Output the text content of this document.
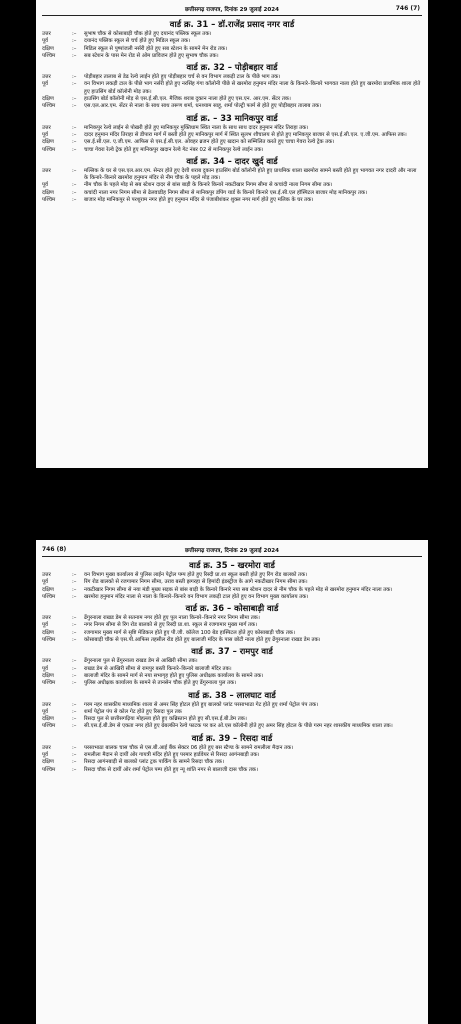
छत्तीसगढ़ राजपत्र, दिनांक 29 जुलाई 2024	746 (7)
वार्ड क्र. 31 – डॉ.राजेंद्र प्रसाद नगर वार्ड
उत्तर	:–	सुभाष चौक से कोसाबाड़ी चौक होते हुए दयानंद पब्लिक स्कूल तक।
पूर्व	:–	दयानंद पब्लिक स्कूल से चर्च होते हुए मिडिल स्कूल तक।
दक्षिण	:–	मिडिल स्कूल से पुष्पांजली नर्सरी होते हुए सब स्टेशन के सामने मेन रोड तक।
पश्चिम	:–	सब स्टेशन के पास मेन रोड से ओम प्राविजन होते हुए सुभाष चौक तक।
वार्ड क्र. 32 – पोड़ीबहार वार्ड
उत्तर	:–	पोड़ीबहार तालाब से डेढ रेल्वे लाईन होते हुए पोड़ीबहार चर्च से वन विभाग लकड़ी टाल के पीछे भाग तक।
पूर्व	:–	वन विभाग लकड़ी टाल के पीछे भाग नर्सरी होते हुए नरसिंह गंगा कॉलोनी पीछे से खरमोरा हनुमान मंदिर नाला के किनारे–किनारे भागवत नाला होते हुए खरमोरा प्राथमिक शाला होते हुए हाउसिंग बोर्ड कॉलोनी मोड़ तक।
दक्षिण	:–	हाउसिंग बोर्ड कॉलोनी मोड़ से एस.ई.सी.एल. मैजिक शराब दुकान नाला होते हुए एस.एन. आर.एम. सेंटर तक।
पश्चिम	:–	एस.एल.आर.एम. सेंटर से नाला के साथ साथ तरूण शर्मा, धनश्याम साहू, शर्मा पोल्ट्री फार्म से होते हुए पोड़ीबहार तालाब तक।
वार्ड क्र. – 33 मानिकपुर वार्ड
उत्तर	:–	मानिकपुर रेल्वे लाईन से पोखरी होते हुए मानिकपुर मुक्तिधाम स्थित नाला के साथ साथ दादर हनुमान मंदिर तिराहा तक।
पूर्व	:–	दादर हनुमान मंदिर तिराहा से डीपारा मार्ग में बस्ती होते हुए मानिकपुर मार्ग में स्थित सुलभ शौचालय से होते हुए मानिकपुर बाजार से एस.ई.सी.एल. ए.जी.एम. आफिस तक।
दक्षिण	:–	एस.ई.सी.एल. ए.जी.एम. आफिस से एस.ई.सी.एल. ओवहर ब्रजन होते हुए खदान को सम्मिलित करते हुए चाचा गेवरा रेल्वे ट्रेक तक।
पश्चिम	:–	चाचा गेवरा रेल्वे ट्रेक होते हुए मानिकपुर खदान रेल्वे गेट नंबर 02 से मानिकपुर रेल्वे लाईन तक।
वार्ड क्र. 34 – दादर खुर्द वार्ड
उत्तर	:–	मल्लिक के घर से एस.एल.आर.एम. सेन्टर होते हुए देशी शराब दुकान हाउसिंग बोर्ड कॉलोनी होते हुए प्राथमिक शाला खरमोरा सामने बस्ती होते हुए भागवत नगर दादरी और नाला के किनारे–किनारे खरमोरा हनुमान मंदिर से नीम चौक के पहले मोड़ तक।
पूर्व	:–	नीम चौक के पहले मोड़ से सब स्टेशन दादर से बांस बाड़ी के किनारे किनारे नकटीखार निगम सीमा से कचांदी नाला निगम सीमा तक।
दक्षिण	:–	कचांदी नाला नगर निगम सीमा से ढेलवाडीह निगम सीमा से मानिकपुर डंपिंग यार्ड के किनारे किनारे एस.ई.सी.एल हॉस्पिटल बाजार मोड़ मानिकपुर तक।
पश्चिम	:–	बाजार मोड़ मानिकपुर से परशुराम नगर होते हुए हनुमान मंदिर से पंजाबीशंकर शुक्ल नगर मार्ग होते हुए मलिक के घर तक।
746 (8)	छत्तीसगढ़ राजपत्र, दिनांक 29 जुलाई 2024
वार्ड क्र. 35 – खरमोरा वार्ड
उत्तर	:–	वन विभाग मुख्य कार्यालय से पुलिस लाईन पेट्रोल पम्प होते हुए रिस्दी प्रा.शा स्कूल बस्ती होते हुए रिंग रोड बालको तक।
पूर्व	:–	रिंग रोड बालको से रजगामार निगम सीमा, उराव बस्ती झगरहा से हिमांदी इंडस्ट्रीज के आगे नकटीखार निगम सीमा तक।
दक्षिण	:–	नकटीखार निगम सीमा से नया मंडी मुख्य सड़क से बांस बाड़ी के किनारे किनारे नया सब स्टेशन दादर से नीम चौक के पहले मोड़ से खरमोरा हनुमान मंदिर नाला तक।
पश्चिम	:–	खरमोरा हनुमान मंदिर नाला से नाला के किनारे–किनारे वन विभाग लकड़ी टाल होते हुए वन विभाग मुख्य कार्यालय तक।
वार्ड क्र. 36 – कोसाबाड़ी वार्ड
उत्तर	:–	ढेंगुरनाला राखड डेम से सतनाम नगर होते हुए पुल नाला किनारे–किनारे नगर निगम सीमा तक।
पूर्व	:–	नगर निगम सीमा से रिंग रोड बालको से हुए रिस्दी प्रा.शा. स्कूल से रजगामार मुख्य मार्ग तक।
दक्षिण	:–	रजगामार मुख्य मार्ग से सृष्टि मेडिकल होते हुए पी.जी. कॉलेज 100 बेड हास्पिटल होते हुए कोसाबाड़ी चौक तक।
पश्चिम	:–	कोसाबाड़ी चौक से एस.पी.आफिस तहसील रोड होते हुए बालाजी मंदिर के पास छोटी नाला होते हुए ढेंगुरनाला राखड डेम तक।
वार्ड क्र. 37 – रामपुर वार्ड
उत्तर	:–	ढेंगुरनाला पुल से ढेंगुरनाला राखड डेम से आखिरी सीमा तक।
पूर्व	:–	राखड डेम से आखिरी सीमा से रामपुर बस्ती किनारे–किनारे बालाजी मंदिर तक।
दक्षिण	:–	बालाजी मंदिर के सामने मार्ग से नया सभागृह होते हुए पुलिस अधीक्षक कार्यालय के सामने तक।
पश्चिम	:–	पुलिस अधीक्षक कार्यालय के सामने से तानसेन चौक होते हुए ढेंगुरनाला पुल तक।
वार्ड क्र. 38 – लालघाट वार्ड
उत्तर	:–	गरम नहर शासकीय माध्यमिक शाला से अमर सिंह होटल होते हुए बालको प्लांट परसाभाठा गेट होते हुए शर्मा पेट्रोल पंप तक।
पूर्व	:–	शर्मा पेट्रोल पंप से कोल गेट होते हुए रिसदा पुल तक
दक्षिण	:–	रिसदा पुल से छत्तीसगढ़िया मोहल्ला होते हुए कब्रिस्तान होते हुए सी.एस.ई.बी.डेम तक।
पश्चिम	:–	सी.एस.ई.बी.डेम से एकता नगर होते हुए ग्रेबल्कीन रेल्वे फाटक पर कर ओ.एस कॉलोनी होते हुए अमर सिंह होटल के पीछे गरम नहर शासकीय माध्यमिक शाला तक।
वार्ड क्र. 39 – रिसदा वार्ड
उत्तर	:–	परसाभाठा बालक चास चौक से एस.बी.आई बैंक सेक्टर 06 होते हुए बस स्टैण्ड के सामने रामलीला मैदान तक।
पूर्व	:–	रामलीला मैदान से दायीं ओर गायत्री मंदिर होते हुए परमार हार्डवेयर से रिसदा आगंनबाड़ी तक।
दक्षिण	:–	रिसदा आगंनबाड़ी से बालको प्लांट ट्रक पार्किंग के सामने रिसदा चौक तक।
पश्चिम	:–	रिसदा चौक से दायीं ओर शर्मा पेट्रोल पम्प होते हुए न्यू शांति नगर से बालाजी दास चौक तक।
